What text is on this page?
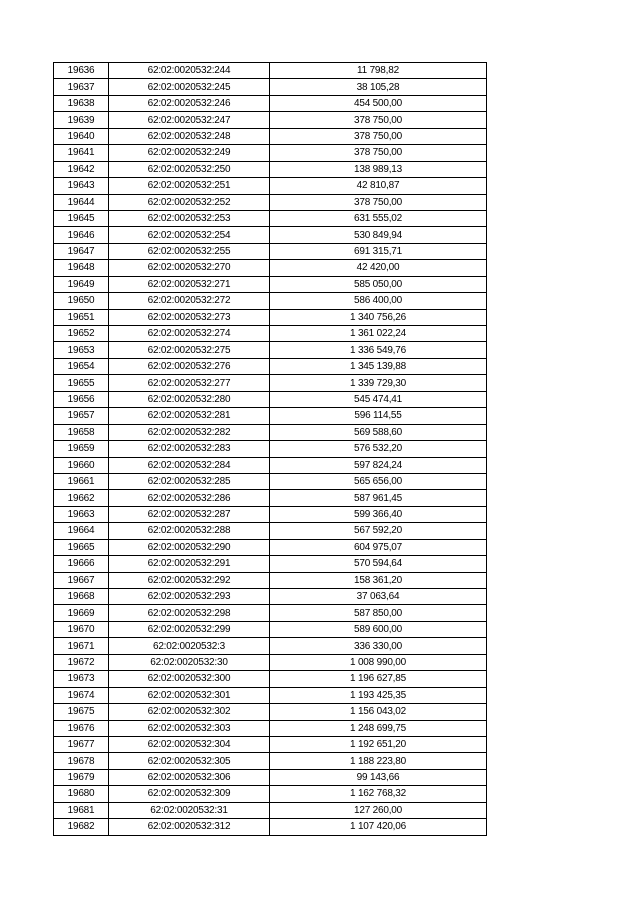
19636	62:02:0020532:244	11 798,82
19637	62:02:0020532:245	38 105,28
19638	62:02:0020532:246	454 500,00
19639	62:02:0020532:247	378 750,00
19640	62:02:0020532:248	378 750,00
19641	62:02:0020532:249	378 750,00
19642	62:02:0020532:250	138 989,13
19643	62:02:0020532:251	42 810,87
19644	62:02:0020532:252	378 750,00
19645	62:02:0020532:253	631 555,02
19646	62:02:0020532:254	530 849,94
19647	62:02:0020532:255	691 315,71
19648	62:02:0020532:270	42 420,00
19649	62:02:0020532:271	585 050,00
19650	62:02:0020532:272	586 400,00
19651	62:02:0020532:273	1 340 756,26
19652	62:02:0020532:274	1 361 022,24
19653	62:02:0020532:275	1 336 549,76
19654	62:02:0020532:276	1 345 139,88
19655	62:02:0020532:277	1 339 729,30
19656	62:02:0020532:280	545 474,41
19657	62:02:0020532:281	596 114,55
19658	62:02:0020532:282	569 588,60
19659	62:02:0020532:283	576 532,20
19660	62:02:0020532:284	597 824,24
19661	62:02:0020532:285	565 656,00
19662	62:02:0020532:286	587 961,45
19663	62:02:0020532:287	599 366,40
19664	62:02:0020532:288	567 592,20
19665	62:02:0020532:290	604 975,07
19666	62:02:0020532:291	570 594,64
19667	62:02:0020532:292	158 361,20
19668	62:02:0020532:293	37 063,64
19669	62:02:0020532:298	587 850,00
19670	62:02:0020532:299	589 600,00
19671	62:02:0020532:3	336 330,00
19672	62:02:0020532:30	1 008 990,00
19673	62:02:0020532:300	1 196 627,85
19674	62:02:0020532:301	1 193 425,35
19675	62:02:0020532:302	1 156 043,02
19676	62:02:0020532:303	1 248 699,75
19677	62:02:0020532:304	1 192 651,20
19678	62:02:0020532:305	1 188 223,80
19679	62:02:0020532:306	99 143,66
19680	62:02:0020532:309	1 162 768,32
19681	62:02:0020532:31	127 260,00
19682	62:02:0020532:312	1 107 420,06
